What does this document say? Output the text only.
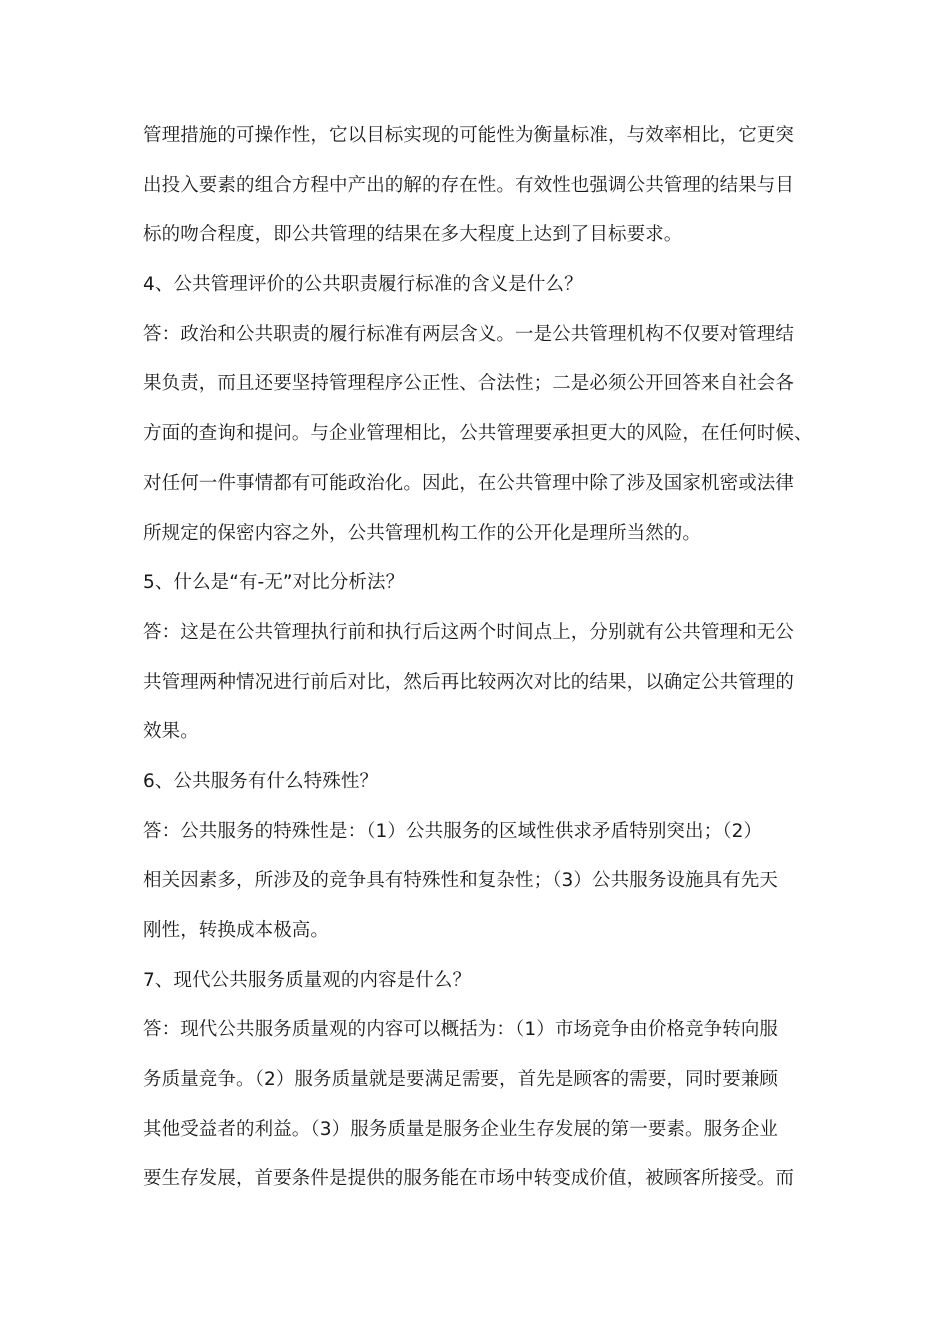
管理措施的可操作性，它以目标实现的可能性为衡量标准，与效率相比，它更突
出投入要素的组合方程中产出的解的存在性。有效性也强调公共管理的结果与目
标的吻合程度，即公共管理的结果在多大程度上达到了目标要求。
4、公共管理评价的公共职责履行标准的含义是什么？
答：政治和公共职责的履行标准有两层含义。一是公共管理机构不仅要对管理结
果负责，而且还要坚持管理程序公正性、合法性；二是必须公开回答来自社会各
方面的查询和提问。与企业管理相比，公共管理要承担更大的风险，在任何时候、
对任何一件事情都有可能政治化。因此，在公共管理中除了涉及国家机密或法律
所规定的保密内容之外，公共管理机构工作的公开化是理所当然的。
5、什么是“有-无”对比分析法？
答：这是在公共管理执行前和执行后这两个时间点上，分别就有公共管理和无公
共管理两种情况进行前后对比，然后再比较两次对比的结果，以确定公共管理的
效果。
6、公共服务有什么特殊性？
答：公共服务的特殊性是：（1）公共服务的区域性供求矛盾特别突出；（2）
相关因素多，所涉及的竞争具有特殊性和复杂性；（3）公共服务设施具有先天
刚性，转换成本极高。
7、现代公共服务质量观的内容是什么？
答：现代公共服务质量观的内容可以概括为：（1）市场竞争由价格竞争转向服
务质量竞争。（2）服务质量就是要满足需要，首先是顾客的需要，同时要兼顾
其他受益者的利益。（3）服务质量是服务企业生存发展的第一要素。服务企业
要生存发展，首要条件是提供的服务能在市场中转变成价值，被顾客所接受。而
